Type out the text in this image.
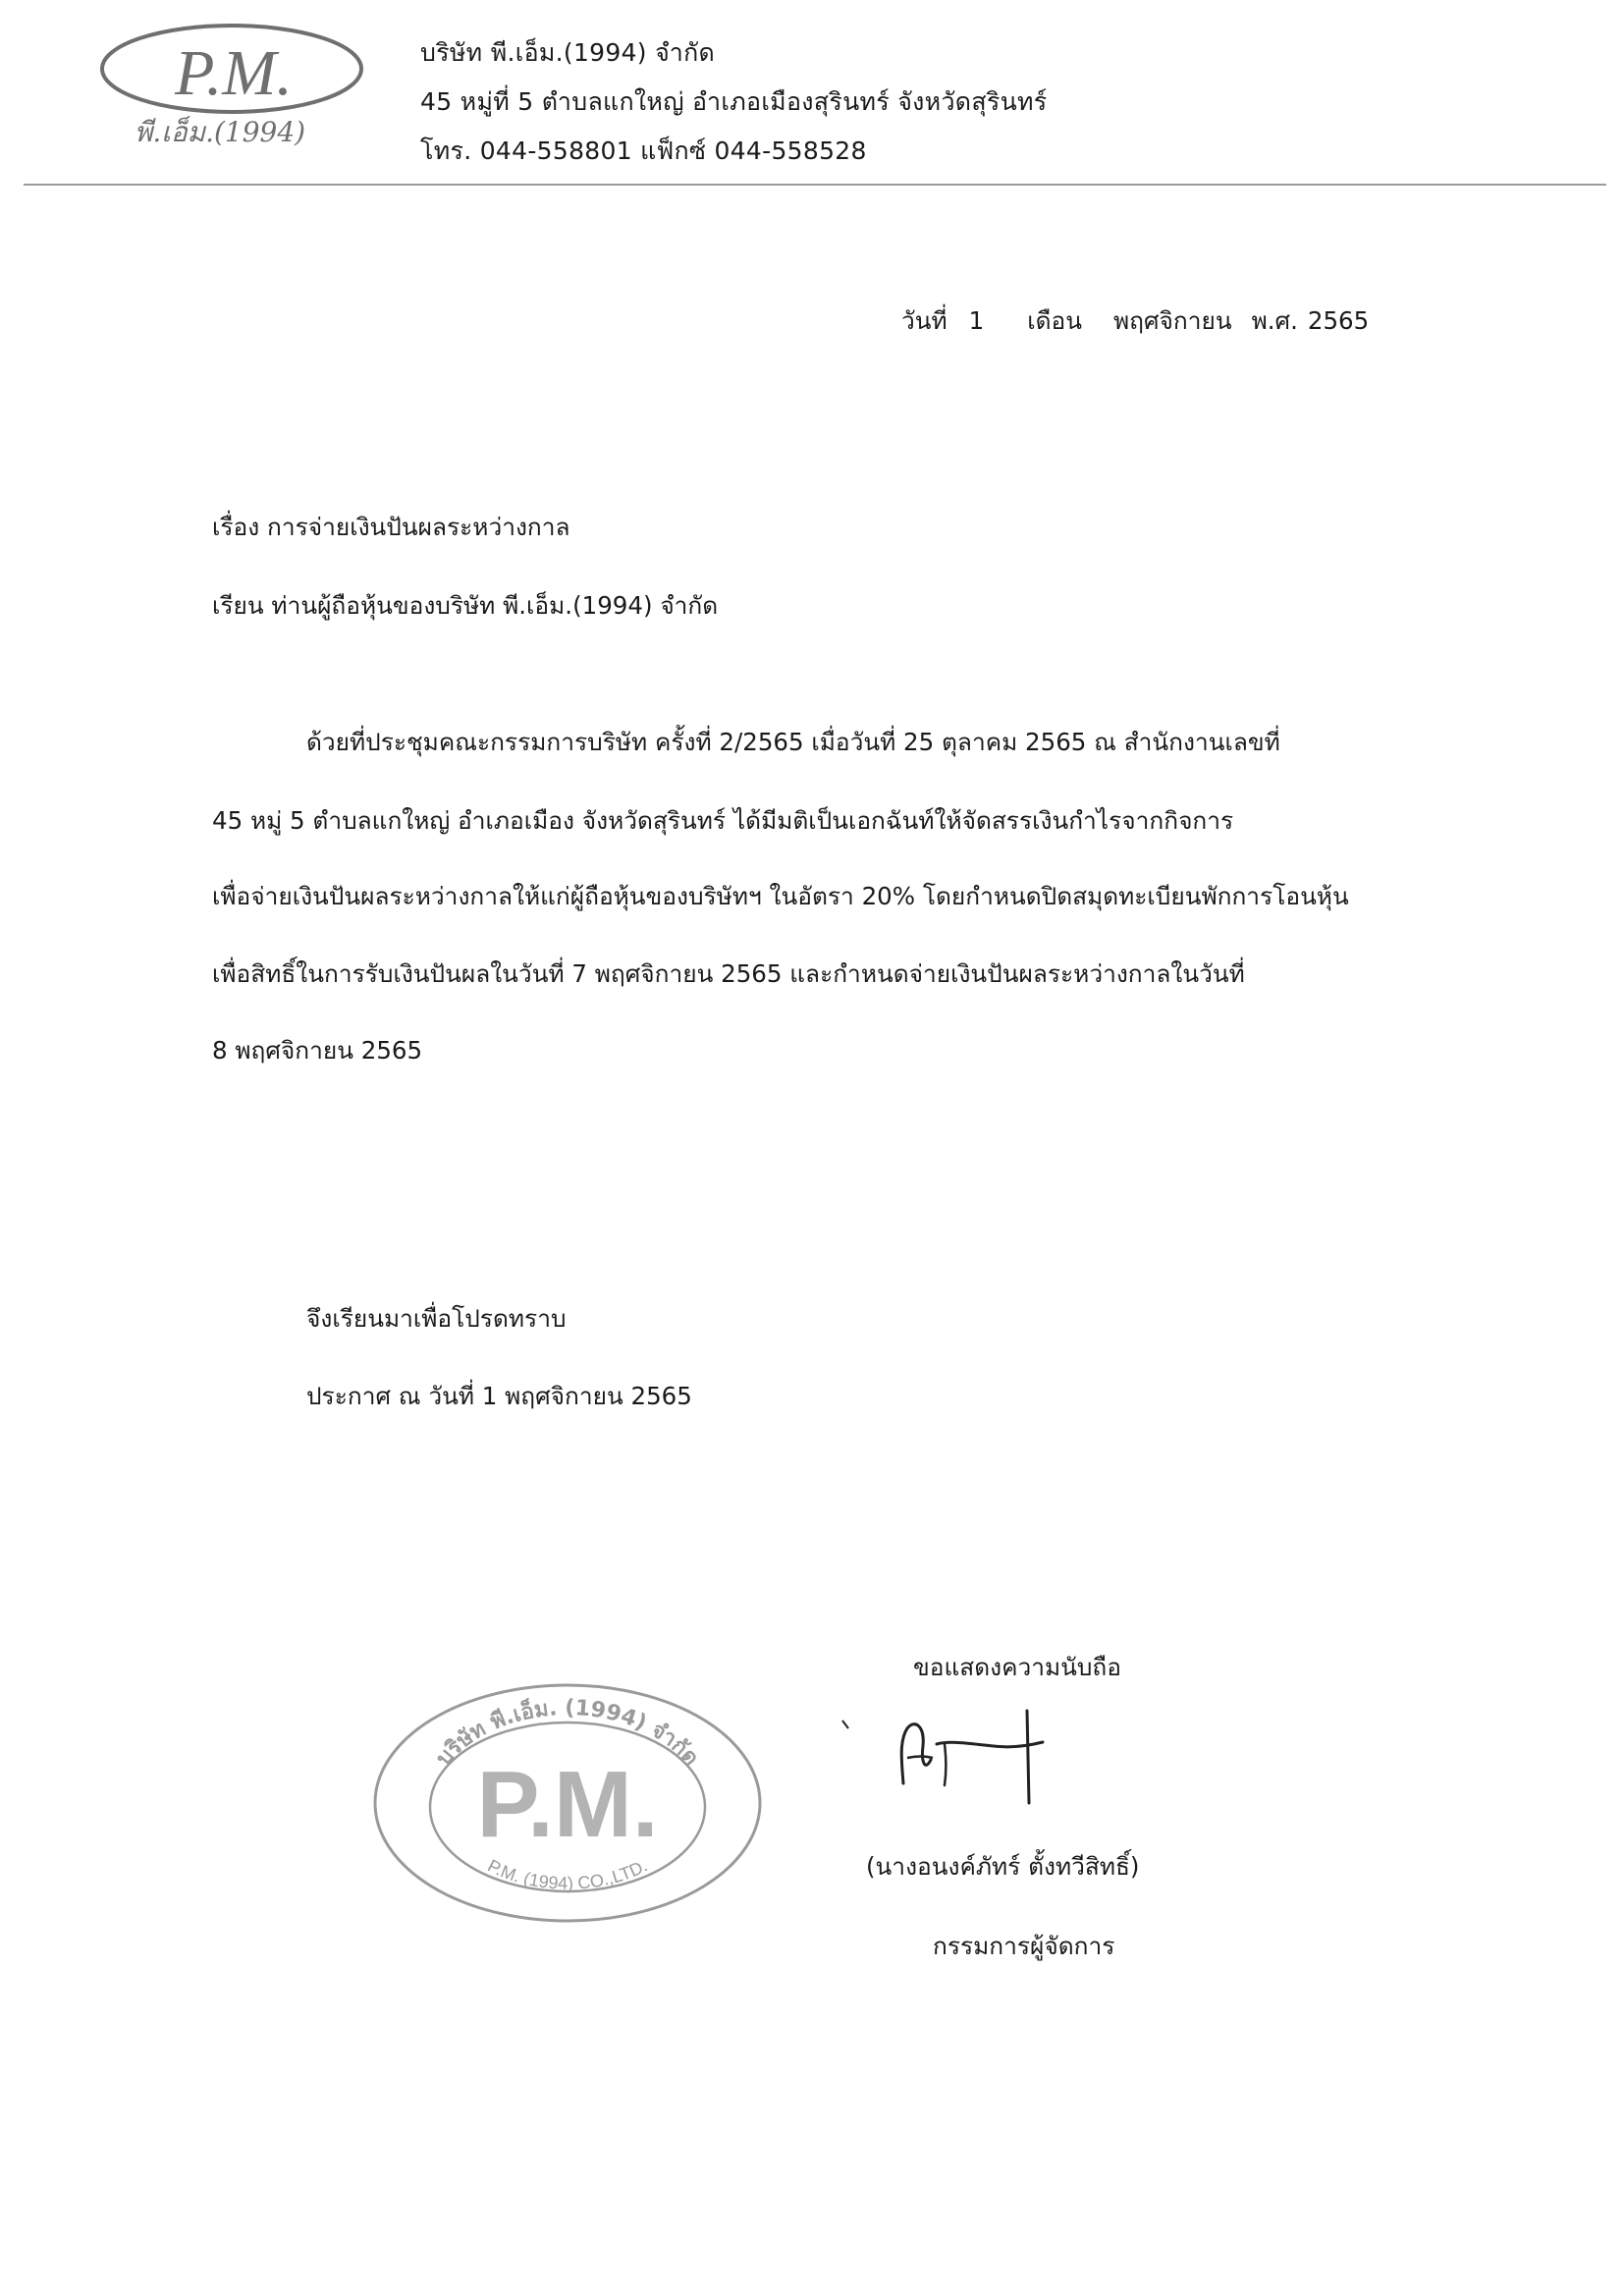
P.M.
พี.เอ็ม.(1994)
บริษัท พี.เอ็ม.(1994) จำกัด
45 หมู่ที่ 5 ตำบลแกใหญ่ อำเภอเมืองสุรินทร์ จังหวัดสุรินทร์
โทร. 044-558801 แฟ็กซ์ 044-558528
วันที่ 1 เดือน พฤศจิกายน พ.ศ. 2565
เรื่อง การจ่ายเงินปันผลระหว่างกาล
เรียน ท่านผู้ถือหุ้นของบริษัท พี.เอ็ม.(1994) จำกัด
ด้วยที่ประชุมคณะกรรมการบริษัท ครั้งที่ 2/2565 เมื่อวันที่ 25 ตุลาคม 2565 ณ สำนักงานเลขที่
45 หมู่ 5 ตำบลแกใหญ่ อำเภอเมือง จังหวัดสุรินทร์ ได้มีมติเป็นเอกฉันท์ให้จัดสรรเงินกำไรจากกิจการ
เพื่อจ่ายเงินปันผลระหว่างกาลให้แก่ผู้ถือหุ้นของบริษัทฯ ในอัตรา 20% โดยกำหนดปิดสมุดทะเบียนพักการโอนหุ้น
เพื่อสิทธิ์ในการรับเงินปันผลในวันที่ 7 พฤศจิกายน 2565 และกำหนดจ่ายเงินปันผลระหว่างกาลในวันที่
8 พฤศจิกายน 2565
จึงเรียนมาเพื่อโปรดทราบ
ประกาศ ณ วันที่ 1 พฤศจิกายน 2565
บริษัท พี.เอ็ม. (1994) จำกัด
P.M.
P.M. (1994) CO.,LTD.
ขอแสดงความนับถือ
(นางอนงค์ภัทร์ ตั้งทวีสิทธิ์)
กรรมการผู้จัดการ
